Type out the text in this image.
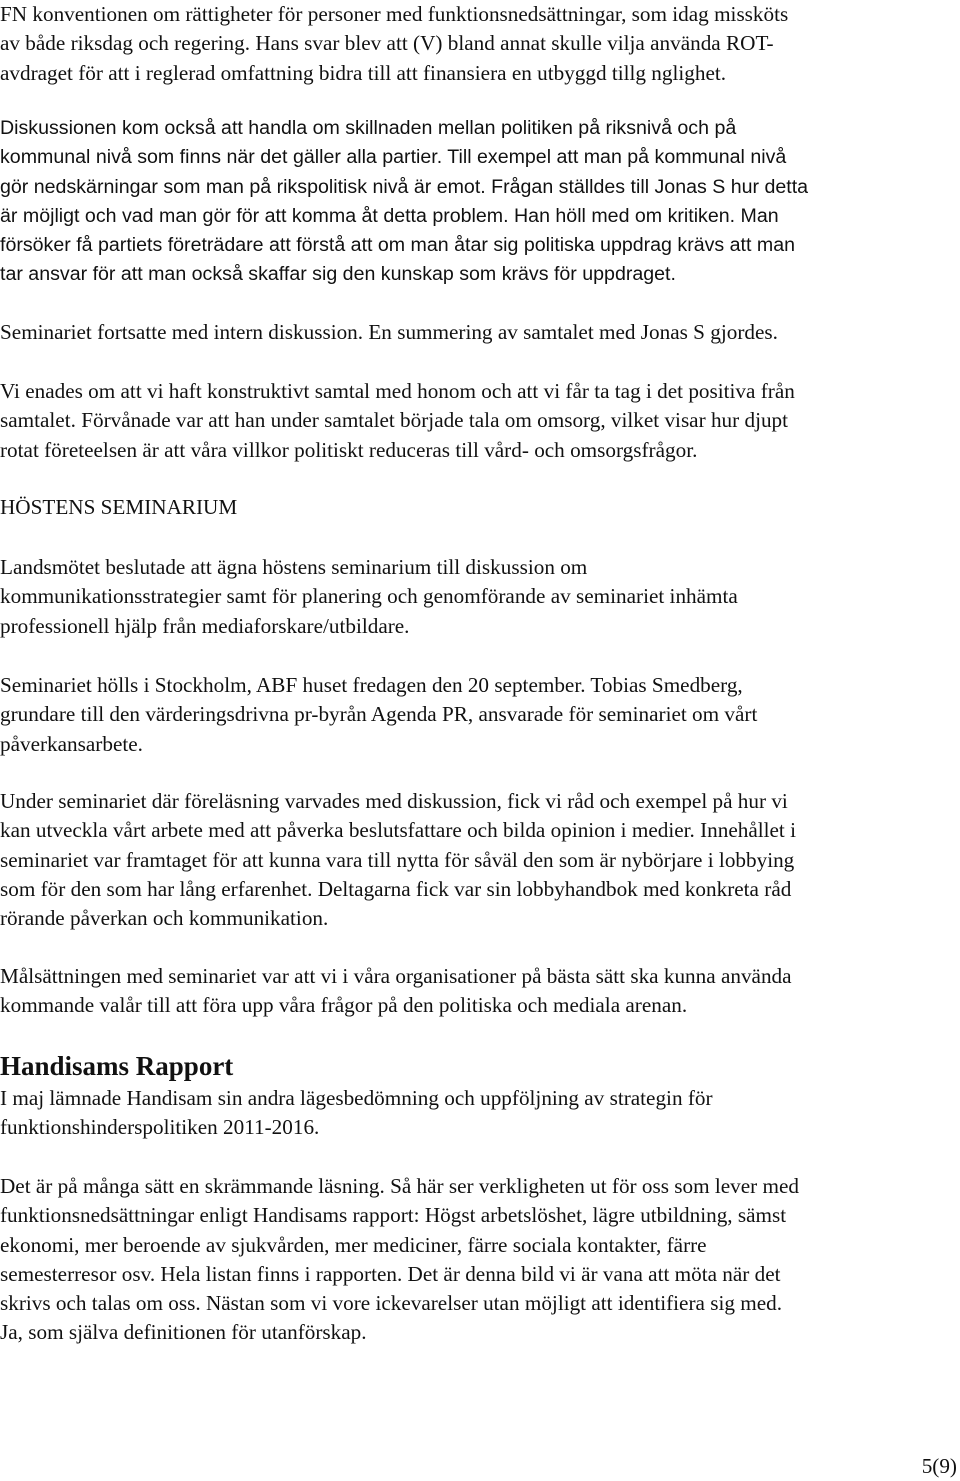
FN konventionen om rättigheter för personer med funktionsnedsättningar, som idag missköts
av både riksdag och regering. Hans svar blev att (V) bland annat skulle vilja använda ROT-
avdraget för att i reglerad omfattning bidra till att finansiera en utbyggd tillg nglighet.
Diskussionen kom också att handla om skillnaden mellan politiken på riksnivå och på
kommunal nivå som finns när det gäller alla partier. Till exempel att man på kommunal nivå
gör nedskärningar som man på rikspolitisk nivå är emot. Frågan ställdes till Jonas S hur detta
är möjligt och vad man gör för att komma åt detta problem. Han höll med om kritiken. Man
försöker få partiets företrädare att förstå att om man åtar sig politiska uppdrag krävs att man
tar ansvar för att man också skaffar sig den kunskap som krävs för uppdraget.
Seminariet fortsatte med intern diskussion. En summering av samtalet med Jonas S gjordes.
Vi enades om att vi haft konstruktivt samtal med honom och att vi får ta tag i det positiva från
samtalet. Förvånade var att han under samtalet började tala om omsorg, vilket visar hur djupt
rotat företeelsen är att våra villkor politiskt reduceras till vård- och omsorgsfrågor.
HÖSTENS SEMINARIUM
Landsmötet beslutade att ägna höstens seminarium till diskussion om
kommunikationsstrategier samt för planering och genomförande av seminariet inhämta
professionell hjälp från mediaforskare/utbildare.
Seminariet hölls i Stockholm, ABF huset fredagen den 20 september. Tobias Smedberg,
grundare till den värderingsdrivna pr-byrån Agenda PR, ansvarade för seminariet om vårt
påverkansarbete.
Under seminariet där föreläsning varvades med diskussion, fick vi råd och exempel på hur vi
kan utveckla vårt arbete med att påverka beslutsfattare och bilda opinion i medier. Innehållet i
seminariet var framtaget för att kunna vara till nytta för såväl den som är nybörjare i lobbying
som för den som har lång erfarenhet. Deltagarna fick var sin lobbyhandbok med konkreta råd
rörande påverkan och kommunikation.
Målsättningen med seminariet var att vi i våra organisationer på bästa sätt ska kunna använda
kommande valår till att föra upp våra frågor på den politiska och mediala arenan.
Handisams Rapport
I maj lämnade Handisam sin andra lägesbedömning och uppföljning av strategin för
funktionshinderspolitiken 2011-2016.
Det är på många sätt en skrämmande läsning. Så här ser verkligheten ut för oss som lever med
funktionsnedsättningar enligt Handisams rapport: Högst arbetslöshet, lägre utbildning, sämst
ekonomi, mer beroende av sjukvården, mer mediciner, färre sociala kontakter, färre
semesterresor osv. Hela listan finns i rapporten. Det är denna bild vi är vana att möta när det
skrivs och talas om oss. Nästan som vi vore ickevarelser utan möjligt att identifiera sig med.
Ja, som själva definitionen för utanförskap.
5(9)
